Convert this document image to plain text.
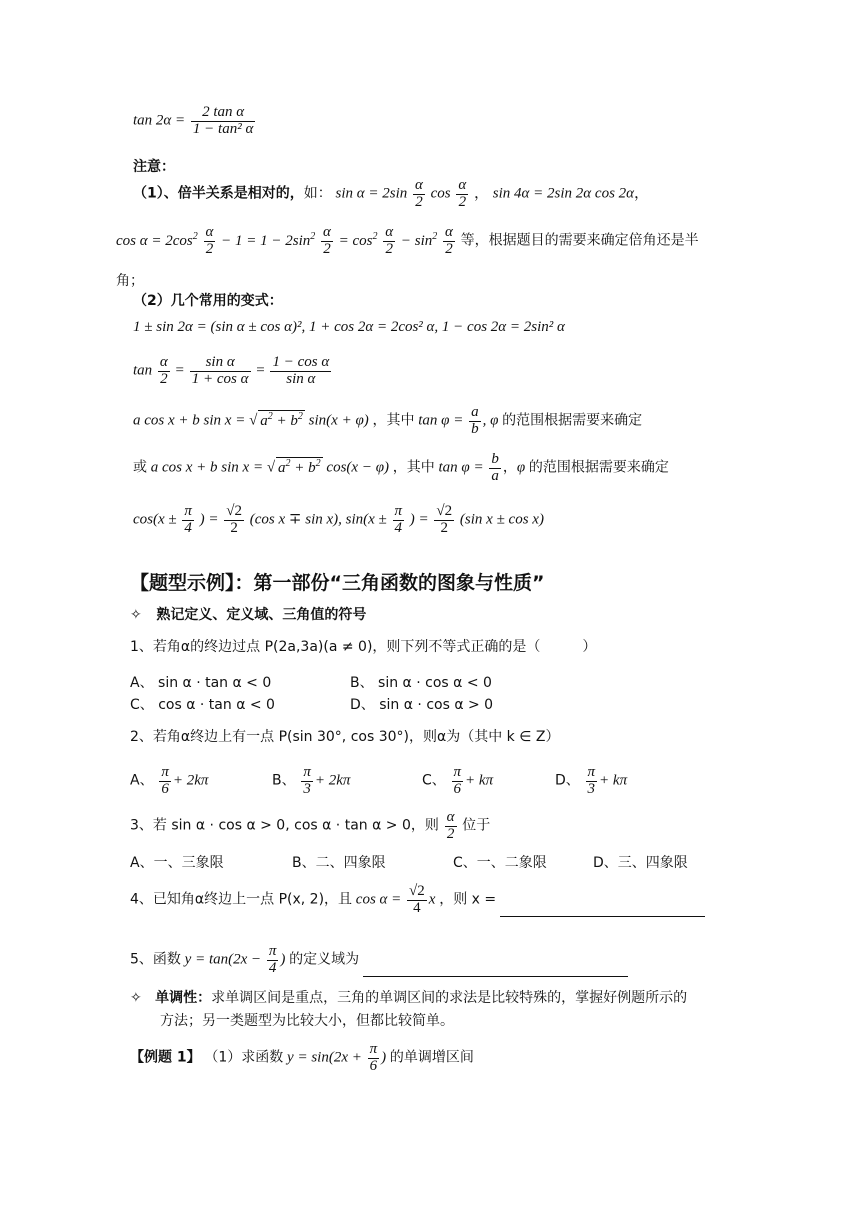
$\tan 2\alpha = \frac{\text{2 tan α}}{\text{1 − tan² α}}$
注意：
（1）、倍半关系是相对的，如： $\sin \alpha = 2\sin \frac{\alpha}{2}$ $\cos \frac{\alpha}{2}$ ， sin 4α = 2sin 2α cos 2α，
$\cos \alpha = 2\cos^2 \frac{\alpha}{2} - 1 = 1 - 2\sin^2 \frac{\alpha}{2} = \cos^2 \frac{\alpha}{2} - \sin^2 \frac{\alpha}{2}$ 等，根据题目的需要来确定倍角还是半
角；
（2）几个常用的变式：
1 ± sin 2α = (sin α ± cos α)², 1 + cos 2α = 2cos² α, 1 − cos 2α = 2sin² α
$\tan \frac{\alpha}{2} = \frac{\text{sin α}}{\text{1 + cos α}} = \frac{\text{1 − cos α}}{\text{sin α}}$
a cos x + b sin x = √ $a^2 + b^2$ sin(x + φ) ，其中 $\tan \varphi = \frac{a}{b}$ , φ 的范围根据需要来确定
或 a cos x + b sin x = √ $a^2 + b^2$ cos(x − φ) ，其中 $\tan \varphi = \frac{b}{a}$ ，φ 的范围根据需要来确定
$\cos(x \pm \frac{\pi}{4}$ ) = $\frac{√2}{2} (\cos$ x ∓ sin x), $\sin(x \pm \frac{\pi}{4}$ ) = $\frac{√2}{2} (\sin$ x ± cos x)
【题型示例】：第一部份“三角函数的图象与性质”
✧ 熟记定义、定义域、三角值的符号
1、若角α的终边过点 P(2a,3a)(a ≠ 0)，则下列不等式正确的是（　　　）
A、 sin α · tan α < 0	B、 sin α · cos α < 0
C、 cos α · tan α < 0	D、 sin α · cos α > 0
2、若角α终边上有一点 P(sin 30°, cos 30°)，则α为（其中 k ∈ Z）
A、 $\frac{\pi}{6} + 2k\pi$	B、 $\frac{\pi}{3} + 2k\pi$	C、 $\frac{\pi}{6} + k\pi$	D、 $\frac{\pi}{3} + k\pi$
3、若 sin α · cos α > 0, cos α · tan α > 0，则 $\frac{\alpha}{2}$ 位于
A、一、三象限	B、二、四象限	C、一、二象限	D、三、四象限
4、已知角α终边上一点 P(x, 2)，且 $\cos \alpha = \frac{√2}{4}$ x ，则 x =
5、函数 $y = \tan(2x - \frac{\pi}{4}$ ) 的定义域为
✧ 单调性：求单调区间是重点，三角的单调区间的求法是比较特殊的，掌握好例题所示的
方法；另一类题型为比较大小，但都比较简单。
【例题 1】 （1）求函数 $y = \sin(2x + \frac{\pi}{6}$ ) 的单调增区间
